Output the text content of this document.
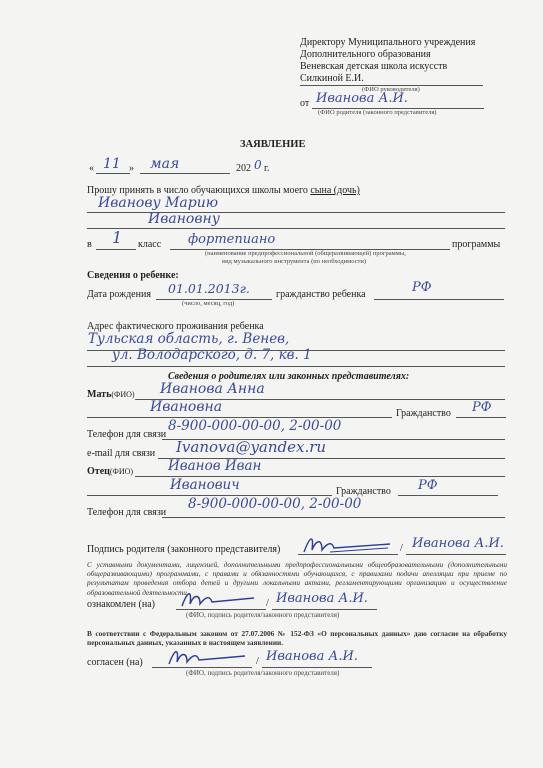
Директору Муниципального учреждения
Дополнительного образования
Веневская детская школа искусств
Силкиной Е.И.
(ФИО руководителя)
от Иванова А.И.
(ФИО родителя (законного представителя)
ЗАЯВЛЕНИЕ
« 11 » мая	202 0 г.
Прошу принять в число обучающихся школы моего сына (дочь)
Иванову Марию
Ивановну
в 1 класс фортепиано	программы
(наименование предпрофессиональной (общеразвивающей) программы,
вид музыкального инструмента (по необходимости)
Сведения о ребенке:
Дата рождения 01.01.2013г.
(число, месяц, год)
гражданство ребенка	РФ
Адрес фактического проживания ребенка
Тульская область, г. Венев,
ул. Володарского, д. 7, кв. 1
Сведения о родителях или законных представителях:
Мать(ФИО) Иванова Анна
Ивановна	Гражданство РФ
Телефон для связи
8-900-000-00-00, 2-00-00
e-mail для связи Ivanova@yandex.ru
Отец(ФИО)	Иванов Иван
Иванович	Гражданство РФ
Телефон для связи
8-900-000-00-00, 2-00-00
Подпись родителя (законного представителя)	/ Иванова А.И.
С уставными документами, лицензией, дополнительными предпрофессиональными общеобразовательными (дополнительными общеразвивающими) программами, с правами и обязанностями обучающихся, с правилами подачи апелляции при приеме по результатам проведения отбора детей и другими локальными актами, регламентирующими организацию и осуществление образовательной деятельности
ознакомлен (на)	/ Иванова А.И.
(ФИО, подпись родителя/законного представителя)
В соответствии с Федеральным законом от 27.07.2006 № 152-ФЗ «О персональных данных» даю согласие на обработку персональных данных, указанных в настоящем заявлении.
согласен (на)	/ Иванова А.И.
(ФИО, подпись родителя/законного представителя)
